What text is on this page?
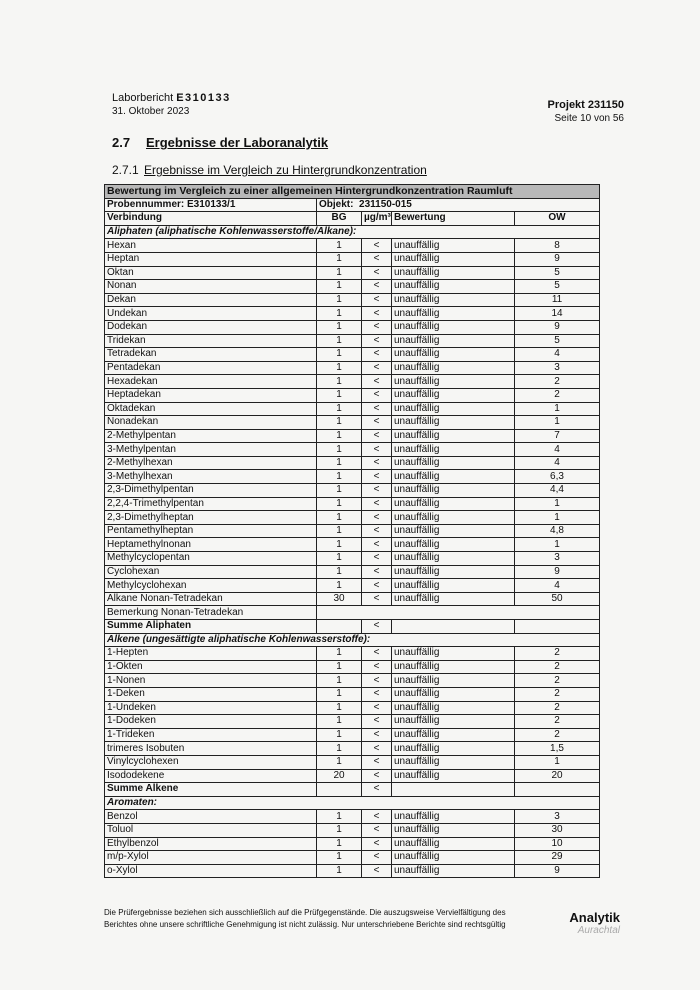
Laborbericht E310133
31. Oktober 2023
Projekt 231150
Seite 10 von 56
2.7 Ergebnisse der Laboranalytik
2.7.1 Ergebnisse im Vergleich zu Hintergrundkonzentration
Bewertung im Vergleich zu einer allgemeinen Hintergrundkonzentration Raumluft				
Probennummer: E310133/1	Objekt: 231150-015			
Verbindung	BG	µg/m³	Bewertung	OW
Aliphaten (aliphatische Kohlenwasserstoffe/Alkane):				
Hexan	1	<	unauffällig	8
Heptan	1	<	unauffällig	9
Oktan	1	<	unauffällig	5
Nonan	1	<	unauffällig	5
Dekan	1	<	unauffällig	11
Undekan	1	<	unauffällig	14
Dodekan	1	<	unauffällig	9
Tridekan	1	<	unauffällig	5
Tetradekan	1	<	unauffällig	4
Pentadekan	1	<	unauffällig	3
Hexadekan	1	<	unauffällig	2
Heptadekan	1	<	unauffällig	2
Oktadekan	1	<	unauffällig	1
Nonadekan	1	<	unauffällig	1
2-Methylpentan	1	<	unauffällig	7
3-Methylpentan	1	<	unauffällig	4
2-Methylhexan	1	<	unauffällig	4
3-Methylhexan	1	<	unauffällig	6,3
2,3-Dimethylpentan	1	<	unauffällig	4,4
2,2,4-Trimethylpentan	1	<	unauffällig	1
2,3-Dimethylheptan	1	<	unauffällig	1
Pentamethylheptan	1	<	unauffällig	4,8
Heptamethylnonan	1	<	unauffällig	1
Methylcyclopentan	1	<	unauffällig	3
Cyclohexan	1	<	unauffällig	9
Methylcyclohexan	1	<	unauffällig	4
Alkane Nonan-Tetradekan	30	<	unauffällig	50
Bemerkung Nonan-Tetradekan				
Summe Aliphaten		<		
Alkene (ungesättigte aliphatische Kohlenwasserstoffe):				
1-Hepten	1	<	unauffällig	2
1-Okten	1	<	unauffällig	2
1-Nonen	1	<	unauffällig	2
1-Deken	1	<	unauffällig	2
1-Undeken	1	<	unauffällig	2
1-Dodeken	1	<	unauffällig	2
1-Trideken	1	<	unauffällig	2
trimeres Isobuten	1	<	unauffällig	1,5
Vinylcyclohexen	1	<	unauffällig	1
Isododekene	20	<	unauffällig	20
Summe Alkene		<		
Aromaten:				
Benzol	1	<	unauffällig	3
Toluol	1	<	unauffällig	30
Ethylbenzol	1	<	unauffällig	10
m/p-Xylol	1	<	unauffällig	29
o-Xylol	1	<	unauffällig	9
Die Prüfergebnisse beziehen sich ausschließlich auf die Prüfgegenstände. Die auszugsweise Vervielfältigung des
Berichtes ohne unsere schriftliche Genehmigung ist nicht zulässig. Nur unterschriebene Berichte sind rechtsgültig	Analytik
Aurachtal
